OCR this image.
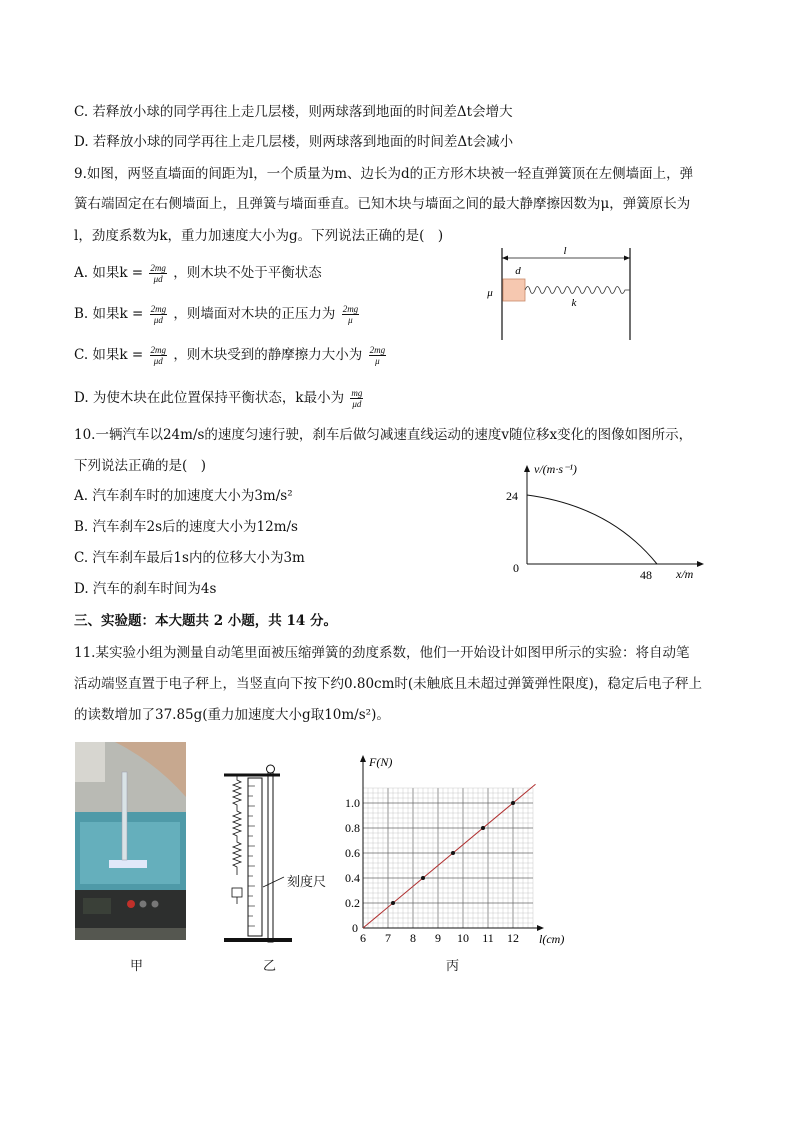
C. 若释放小球的同学再往上走几层楼，则两球落到地面的时间差Δt会增大
D. 若释放小球的同学再往上走几层楼，则两球落到地面的时间差Δt会减小
9.如图，两竖直墙面的间距为l，一个质量为m、边长为d的正方形木块被一轻直弹簧顶在左侧墙面上，弹
簧右端固定在右侧墙面上，且弹簧与墙面垂直。已知木块与墙面之间的最大静摩擦因数为μ，弹簧原长为
l，劲度系数为k，重力加速度大小为g。下列说法正确的是(　)
A. 如果$k = \frac{2mg}{\mu d}$ ，则木块不处于平衡状态
B. 如果$k = \frac{2mg}{\mu d}$ ，则墙面对木块的正压力为 $\frac{2mg}{\mu}$
C. 如果$k = \frac{2mg}{\mu d}$ ，则木块受到的静摩擦力大小为 $\frac{2mg}{\mu}$
D. 为使木块在此位置保持平衡状态，k最小为 $\frac{mg}{\mu d}$
l
d
μ
k
10.一辆汽车以24m/s的速度匀速行驶，刹车后做匀减速直线运动的速度v随位移x变化的图像如图所示，
下列说法正确的是(　)
A. 汽车刹车时的加速度大小为3m/s²
B. 汽车刹车2s后的速度大小为12m/s
C. 汽车刹车最后1s内的位移大小为3m
D. 汽车的刹车时间为4s
v/(m·s⁻¹)
24
0	48 x/m
三、实验题：本大题共 2 小题，共 14 分。
11.某实验小组为测量自动笔里面被压缩弹簧的劲度系数，他们一开始设计如图甲所示的实验：将自动笔
活动端竖直置于电子秤上，当竖直向下按下约0.80cm时(未触底且未超过弹簧弹性限度)，稳定后电子秤上
的读数增加了37.85g(重力加速度大小g取10m/s²)。
刻度尺
6 7 8 9 10 11 12
0
0.2
0.4
0.6
0.8
1.0
F(N)
l(cm)
甲	乙	丙
